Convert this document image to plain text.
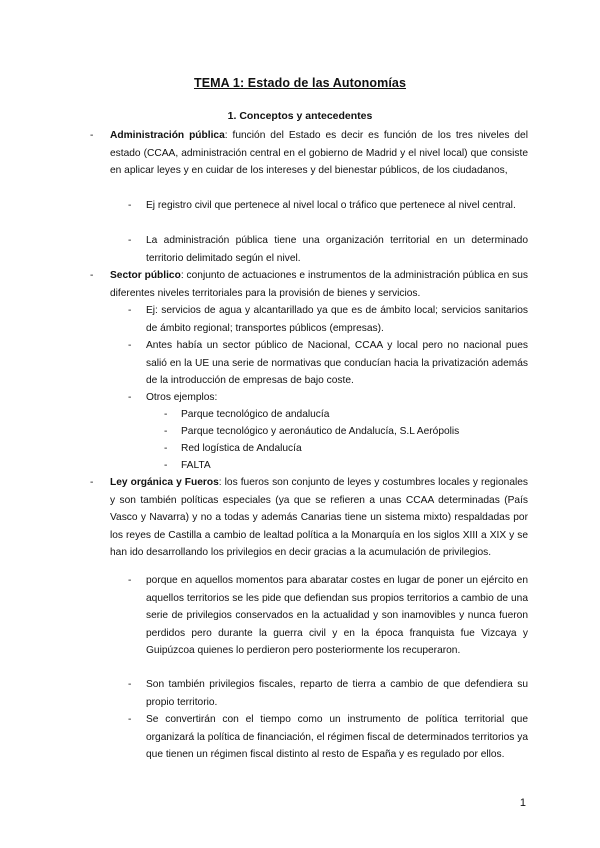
TEMA 1: Estado de las Autonomías
1. Conceptos y antecedentes
- Administración pública: función del Estado es decir es función de los tres niveles del estado (CCAA, administración central en el gobierno de Madrid y el nivel local) que consiste en aplicar leyes y en cuidar de los intereses y del bienestar públicos, de los ciudadanos,
- Ej registro civil que pertenece al nivel local o tráfico que pertenece al nivel central.
- La administración pública tiene una organización territorial en un determinado territorio delimitado según el nivel.
- Sector público: conjunto de actuaciones e instrumentos de la administración pública en sus diferentes niveles territoriales para la provisión de bienes y servicios.
- Ej: servicios de agua y alcantarillado ya que es de ámbito local; servicios sanitarios de ámbito regional; transportes públicos (empresas).
- Antes había un sector público de Nacional, CCAA y local pero no nacional pues salió en la UE una serie de normativas que conducían hacia la privatización además de la introducción de empresas de bajo coste.
- Otros ejemplos:
- Parque tecnológico de andalucía
- Parque tecnológico y aeronáutico de Andalucía, S.L Aerópolis
- Red logística de Andalucía
- FALTA
- Ley orgánica y Fueros: los fueros son conjunto de leyes y costumbres locales y regionales y son también políticas especiales (ya que se refieren a unas CCAA determinadas (País Vasco y Navarra) y no a todas y además Canarias tiene un sistema mixto) respaldadas por los reyes de Castilla a cambio de lealtad política a la Monarquía en los siglos XIII a XIX y se han ido desarrollando los privilegios en decir gracias a la acumulación de privilegios.
- porque en aquellos momentos para abaratar costes en lugar de poner un ejército en aquellos territorios se les pide que defiendan sus propios territorios a cambio de una serie de privilegios conservados en la actualidad y son inamovibles y nunca fueron perdidos pero durante la guerra civil y en la época franquista fue Vizcaya y Guipúzcoa quienes lo perdieron pero posteriormente los recuperaron.
- Son también privilegios fiscales, reparto de tierra a cambio de que defendiera su propio territorio.
- Se convertirán con el tiempo como un instrumento de política territorial que organizará la política de financiación, el régimen fiscal de determinados territorios ya que tienen un régimen fiscal distinto al resto de España y es regulado por ellos.
1
